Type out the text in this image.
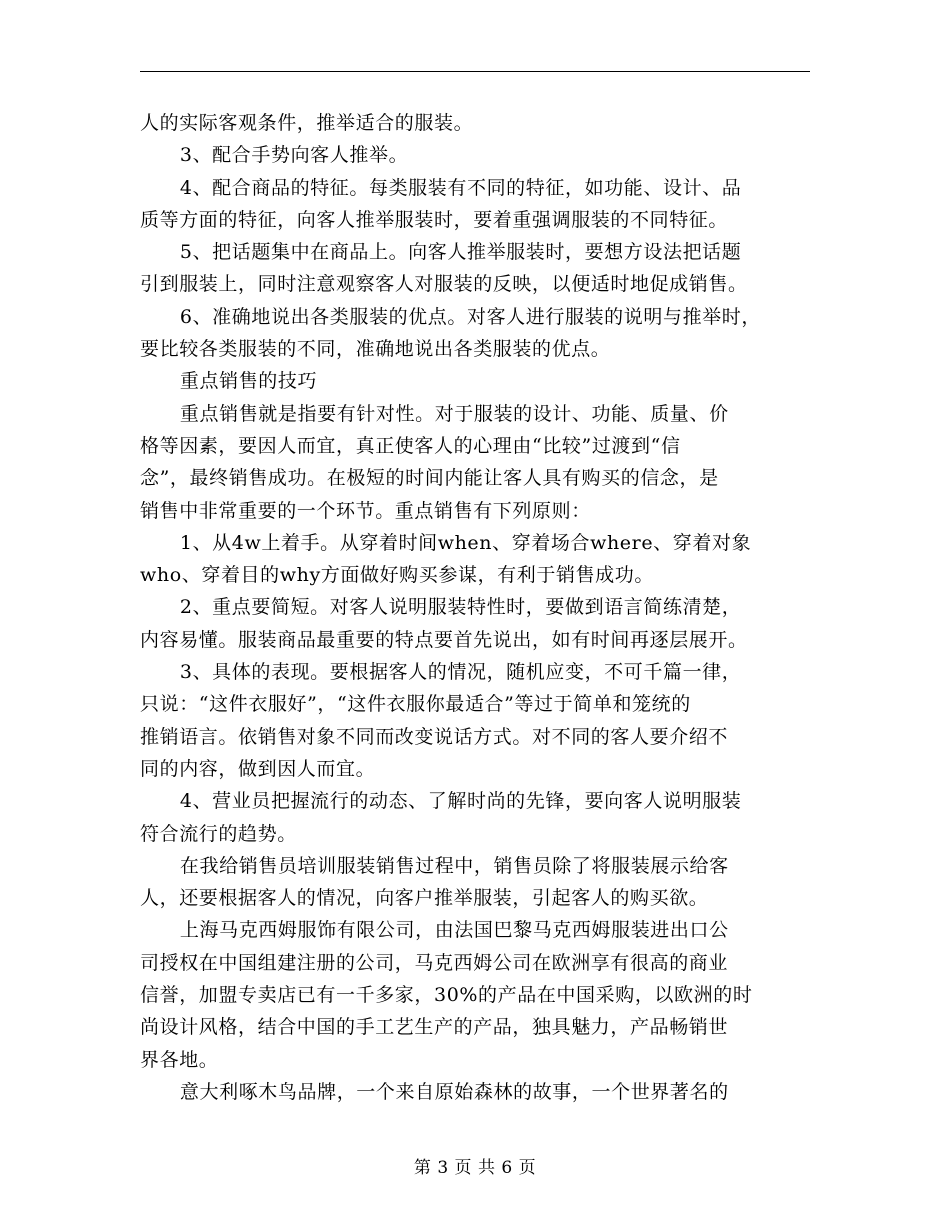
人的实际客观条件，推举适合的服装。

3、配合手势向客人推举。

4、配合商品的特征。每类服装有不同的特征，如功能、设计、品

质等方面的特征，向客人推举服装时，要着重强调服装的不同特征。

5、把话题集中在商品上。向客人推举服装时，要想方设法把话题

引到服装上，同时注意观察客人对服装的反映，以便适时地促成销售。

6、准确地说出各类服装的优点。对客人进行服装的说明与推举时，

要比较各类服装的不同，准确地说出各类服装的优点。

重点销售的技巧

重点销售就是指要有针对性。对于服装的设计、功能、质量、价

格等因素，要因人而宜，真正使客人的心理由“比较”过渡到“信

念”，最终销售成功。在极短的时间内能让客人具有购买的信念，是

销售中非常重要的一个环节。重点销售有下列原则：

1、从4w上着手。从穿着时间when、穿着场合where、穿着对象

who、穿着目的why方面做好购买参谋，有利于销售成功。

2、重点要简短。对客人说明服装特性时，要做到语言简练清楚，

内容易懂。服装商品最重要的特点要首先说出，如有时间再逐层展开。

3、具体的表现。要根据客人的情况，随机应变，不可千篇一律，

只说：“这件衣服好”，“这件衣服你最适合”等过于简单和笼统的

推销语言。依销售对象不同而改变说话方式。对不同的客人要介绍不

同的内容，做到因人而宜。

4、营业员把握流行的动态、了解时尚的先锋，要向客人说明服装

符合流行的趋势。

在我给销售员培训服装销售过程中，销售员除了将服装展示给客

人，还要根据客人的情况，向客户推举服装，引起客人的购买欲。

上海马克西姆服饰有限公司，由法国巴黎马克西姆服装进出口公

司授权在中国组建注册的公司，马克西姆公司在欧洲享有很高的商业

信誉，加盟专卖店已有一千多家，30%的产品在中国采购，以欧洲的时

尚设计风格，结合中国的手工艺生产的产品，独具魅力，产品畅销世

界各地。

意大利啄木鸟品牌，一个来自原始森林的故事，一个世界著名的

第 3 页 共 6 页
